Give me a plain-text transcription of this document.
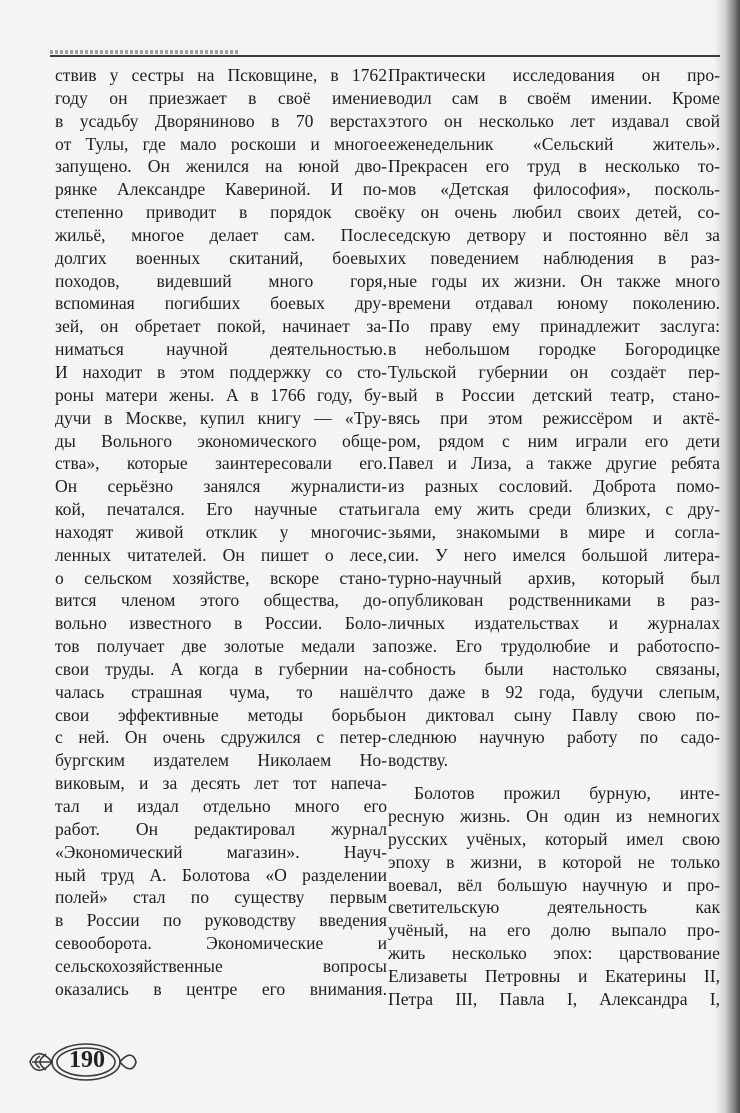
ствив у сестры на Псковщине, в 1762
году он приезжает в своё имение
в усадьбу Дворяниново в 70 верстах
от Тулы, где мало роскоши и многое
запущено. Он женился на юной дво-
рянке Александре Кавериной. И по-
степенно приводит в порядок своё
жильё, многое делает сам. После
долгих военных скитаний, боевых
походов, видевший много горя,
вспоминая погибших боевых дру-
зей, он обретает покой, начинает за-
ниматься научной деятельностью.
И находит в этом поддержку со сто-
роны матери жены. А в 1766 году, бу-
дучи в Москве, купил книгу — «Тру-
ды Вольного экономического обще-
ства», которые заинтересовали его.
Он серьёзно занялся журналисти-
кой, печатался. Его научные статьи
находят живой отклик у многочис-
ленных читателей. Он пишет о лесе,
о сельском хозяйстве, вскоре стано-
вится членом этого общества, до-
вольно известного в России. Боло-
тов получает две золотые медали за
свои труды. А когда в губернии на-
чалась страшная чума, то нашёл
свои эффективные методы борьбы
с ней. Он очень сдружился с петер-
бургским издателем Николаем Но-
виковым, и за десять лет тот напеча-
тал и издал отдельно много его
работ. Он редактировал журнал
«Экономический магазин». Науч-
ный труд А. Болотова «О разделении
полей» стал по существу первым
в России по руководству введения
севооборота. Экономические и
сельскохозяйственные вопросы
оказались в центре его внимания.
Практически исследования он про-
водил сам в своём имении. Кроме
этого он несколько лет издавал свой
еженедельник «Сельский житель».
Прекрасен его труд в несколько то-
мов «Детская философия», посколь-
ку он очень любил своих детей, со-
седскую детвору и постоянно вёл за
их поведением наблюдения в раз-
ные годы их жизни. Он также много
времени отдавал юному поколению.
По праву ему принадлежит заслуга:
в небольшом городке Богородицке
Тульской губернии он создаёт пер-
вый в России детский театр, стано-
вясь при этом режиссёром и актё-
ром, рядом с ним играли его дети
Павел и Лиза, а также другие ребята
из разных сословий. Доброта помо-
гала ему жить среди близких, с дру-
зьями, знакомыми в мире и согла-
сии. У него имелся большой литера-
турно-научный архив, который был
опубликован родственниками в раз-
личных издательствах и журналах
позже. Его трудолюбие и работоспо-
собность были настолько связаны,
что даже в 92 года, будучи слепым,
он диктовал сыну Павлу свою по-
следнюю научную работу по садо-
водству.
Болотов прожил бурную, инте-
ресную жизнь. Он один из немногих
русских учёных, который имел свою
эпоху в жизни, в которой не только
воевал, вёл большую научную и про-
светительскую деятельность как
учёный, на его долю выпало про-
жить несколько эпох: царствование
Елизаветы Петровны и Екатерины II,
Петра III, Павла I, Александра I,
190
